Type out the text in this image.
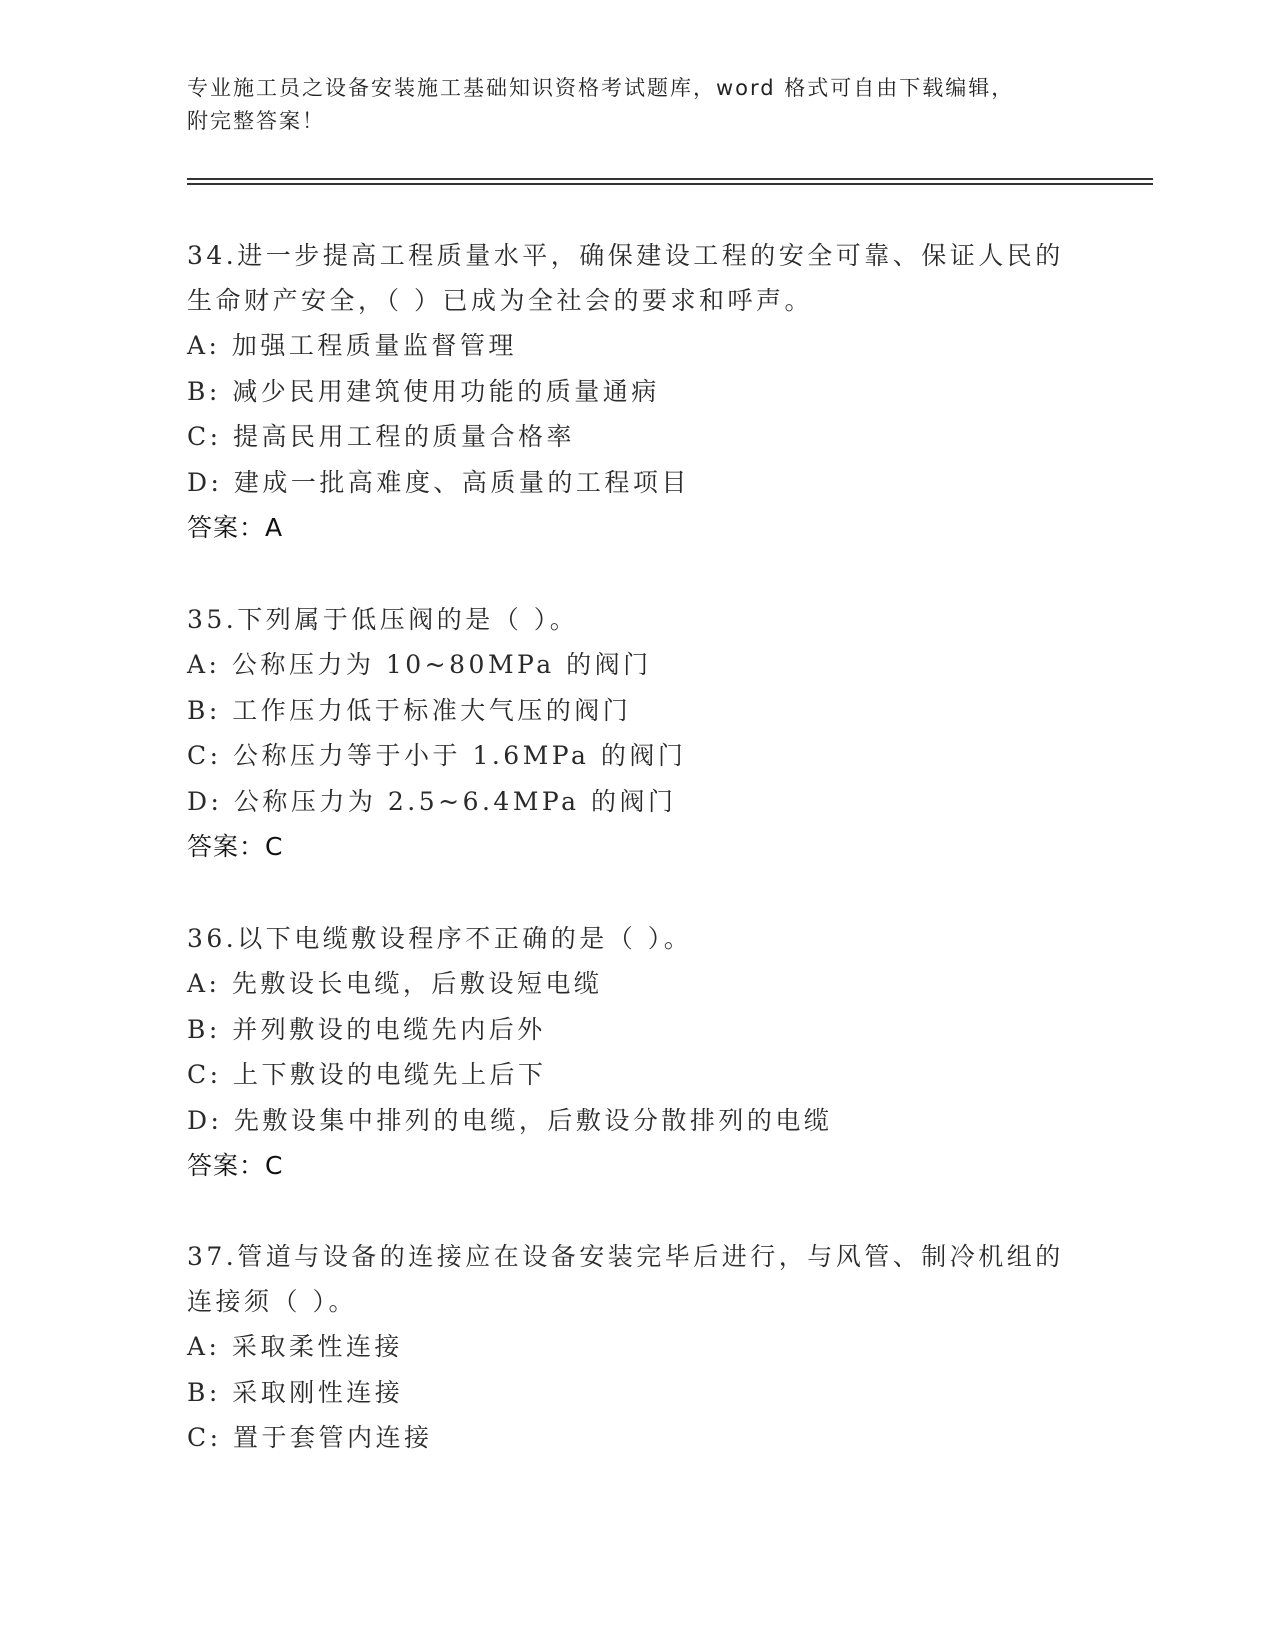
专业施工员之设备安装施工基础知识资格考试题库，word 格式可自由下载编辑，
附完整答案！
34.进一步提高工程质量水平，确保建设工程的安全可靠、保证人民的
生命财产安全，（ ）已成为全社会的要求和呼声。
A: 加强工程质量监督管理
B: 减少民用建筑使用功能的质量通病
C: 提高民用工程的质量合格率
D: 建成一批高难度、高质量的工程项目
答案：A
35.下列属于低压阀的是（ ）。
A: 公称压力为 10~80MPa 的阀门
B: 工作压力低于标准大气压的阀门
C: 公称压力等于小于 1.6MPa 的阀门
D: 公称压力为 2.5~6.4MPa 的阀门
答案：C
36.以下电缆敷设程序不正确的是（ ）。
A: 先敷设长电缆，后敷设短电缆
B: 并列敷设的电缆先内后外
C: 上下敷设的电缆先上后下
D: 先敷设集中排列的电缆，后敷设分散排列的电缆
答案：C
37.管道与设备的连接应在设备安装完毕后进行，与风管、制冷机组的
连接须（ ）。
A: 采取柔性连接
B: 采取刚性连接
C: 置于套管内连接
